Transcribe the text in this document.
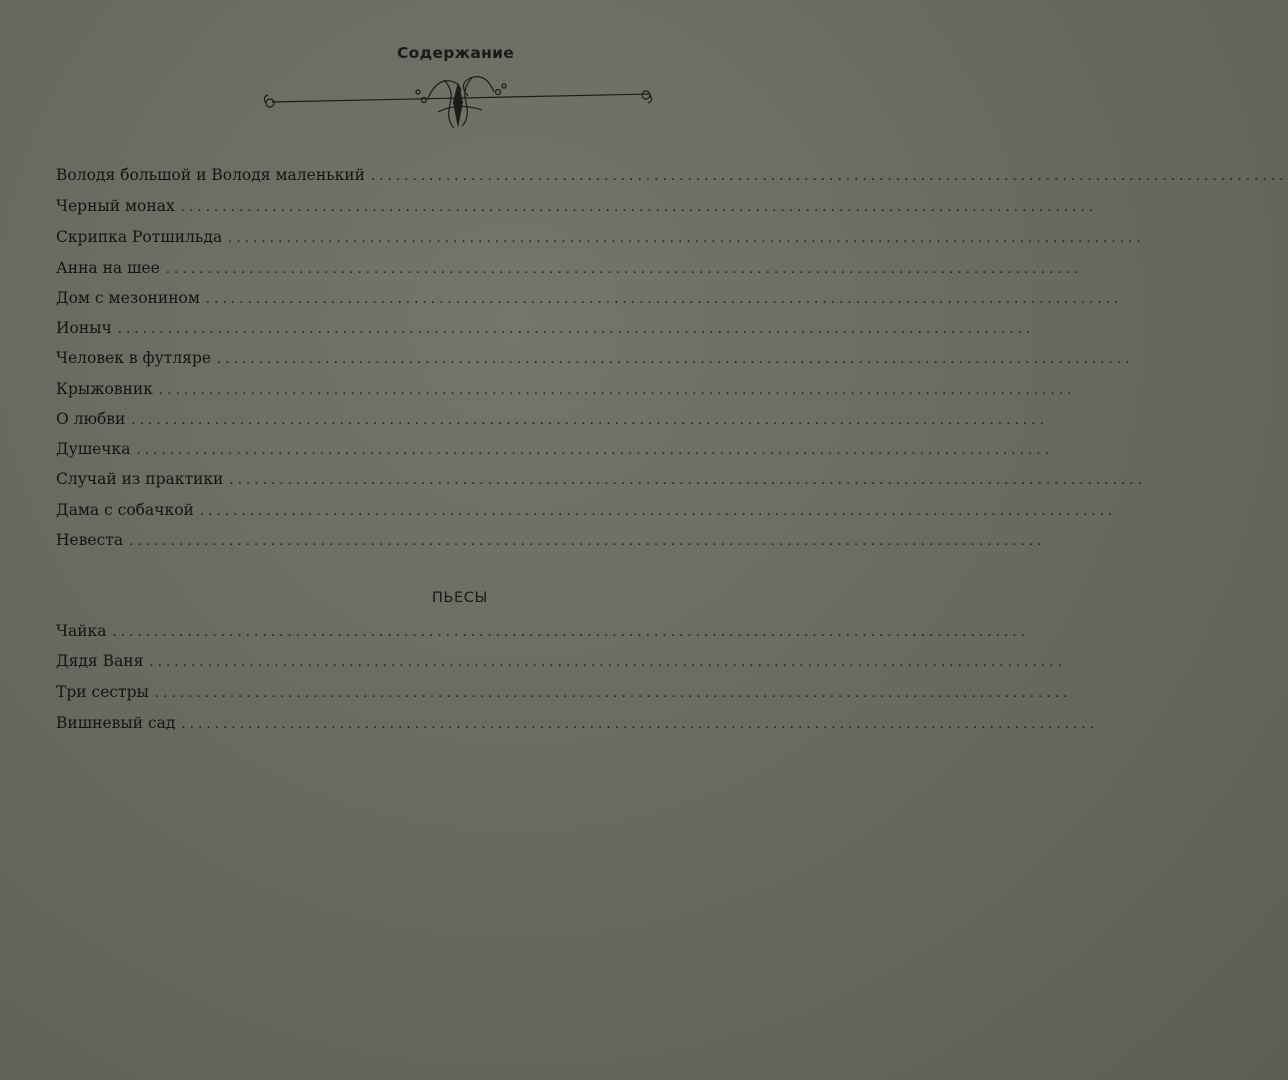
Содержание
Володя большой и Володя маленький ..............................................................................................................
Черный монах ..............................................................................................................
Скрипка Ротшильда ..............................................................................................................
Анна на шее ..............................................................................................................
Дом с мезонином ..............................................................................................................
Ионыч ..............................................................................................................
Человек в футляре ..............................................................................................................
Крыжовник ..............................................................................................................
О любви ..............................................................................................................
Душечка ..............................................................................................................
Случай из практики ..............................................................................................................
Дама с собачкой ..............................................................................................................
Невеста ..............................................................................................................
Чайка ..............................................................................................................
Дядя Ваня ..............................................................................................................
Три сестры ..............................................................................................................
Вишневый сад ..............................................................................................................
ПЬЕСЫ
